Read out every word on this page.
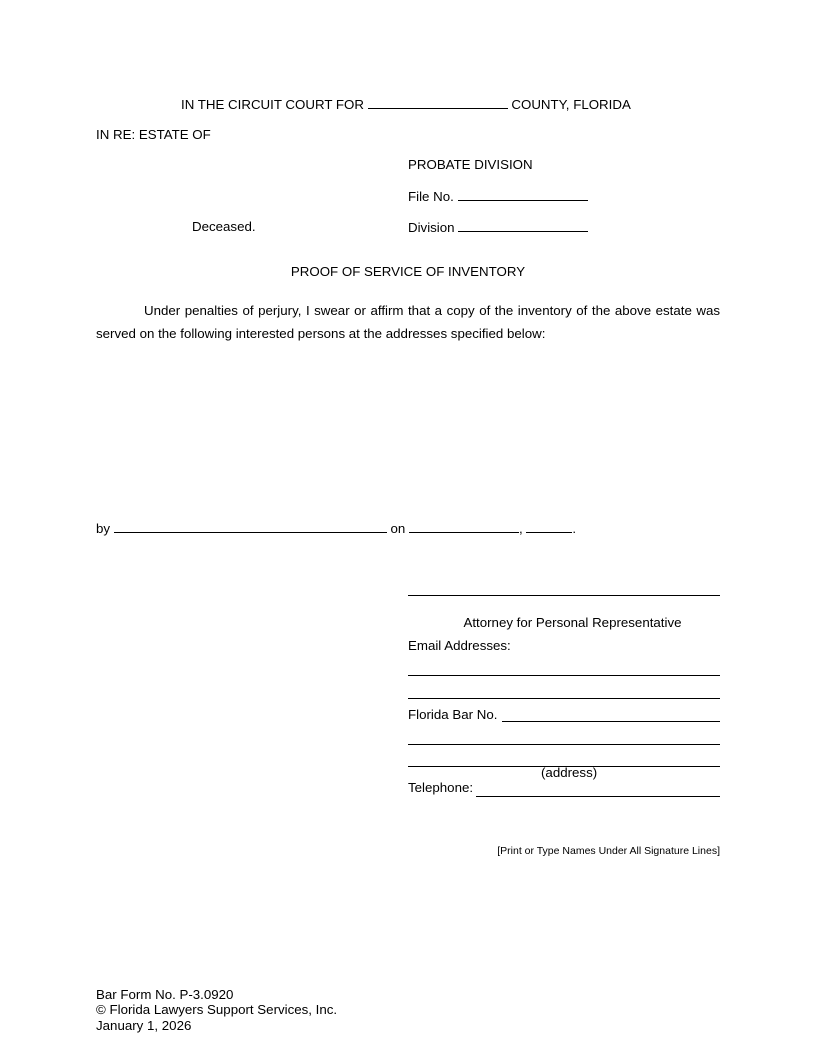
IN THE CIRCUIT COURT FOR	COUNTY, FLORIDA
IN RE: ESTATE OF
PROBATE DIVISION
File No.
Deceased.	Division
PROOF OF SERVICE OF INVENTORY
Under penalties of perjury, I swear or affirm that a copy of the inventory of the above estate was served on the following interested persons at the addresses specified below:
by	on	,	.
Attorney for Personal Representative
Email Addresses:
Florida Bar No.
(address)
Telephone:
[Print or Type Names Under All Signature Lines]
Bar Form No. P-3.0920
© Florida Lawyers Support Services, Inc.
January 1, 2026
